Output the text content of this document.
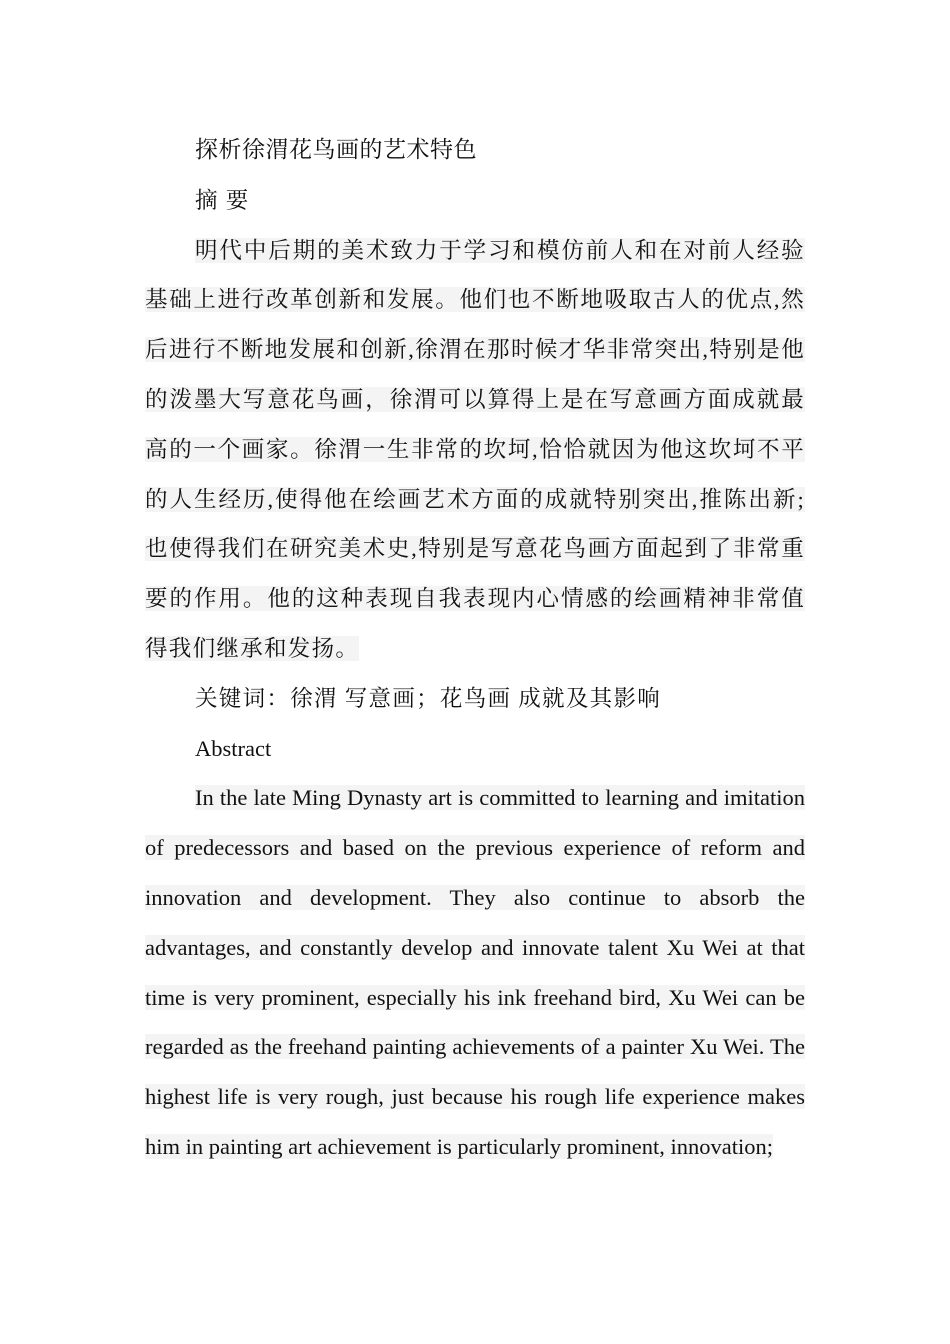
探析徐渭花鸟画的艺术特色

摘 要

明代中后期的美术致力于学习和模仿前人和在对前人经验基础上进行改革创新和发展。他们也不断地吸取古人的优点,然后进行不断地发展和创新,徐渭在那时候才华非常突出,特别是他的泼墨大写意花鸟画，徐渭可以算得上是在写意画方面成就最高的一个画家。徐渭一生非常的坎坷,恰恰就因为他这坎坷不平的人生经历,使得他在绘画艺术方面的成就特别突出,推陈出新;也使得我们在研究美术史,特别是写意花鸟画方面起到了非常重要的作用。他的这种表现自我表现内心情感的绘画精神非常值得我们继承和发扬。

关键词：徐渭 写意画；花鸟画 成就及其影响

Abstract

In the late Ming Dynasty art is committed to learning and imitation of predecessors and based on the previous experience of reform and innovation and development. They also continue to absorb the advantages, and constantly develop and innovate talent Xu Wei at that time is very prominent, especially his ink freehand bird, Xu Wei can be regarded as the freehand painting achievements of a painter Xu Wei. The highest life is very rough, just because his rough life experience makes him in painting art achievement is particularly prominent, innovation;
